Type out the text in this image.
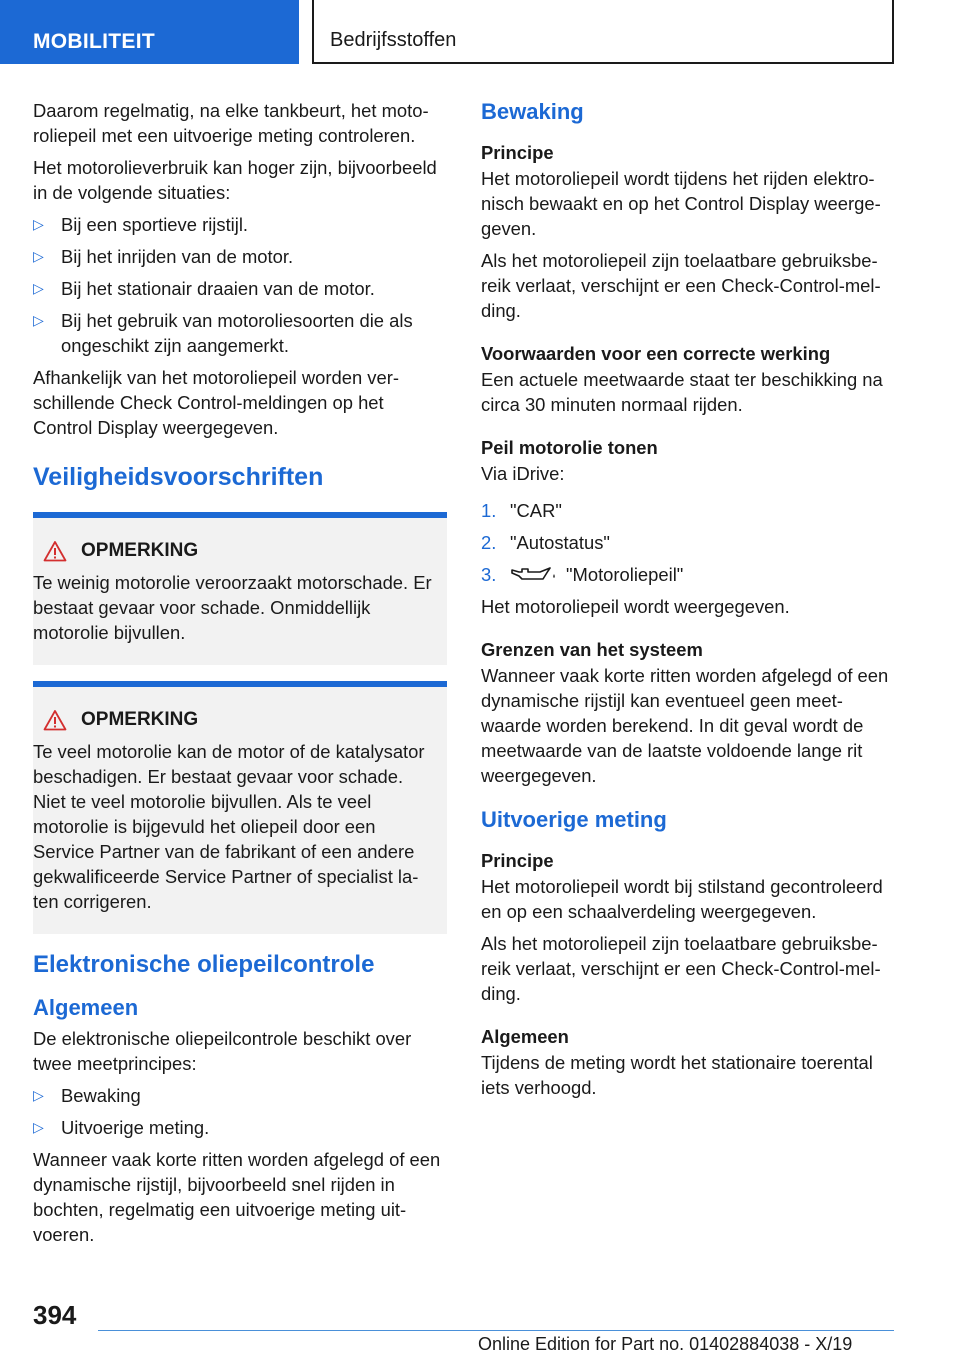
MOBILITEIT	Bedrijfsstoffen

Daarom regelmatig, na elke tankbeurt, het motoroliepeil met een uitvoerige meting controleren.

Het motorolieverbruik kan hoger zijn, bijvoorbeeld in de volgende situaties:

▷ Bij een sportieve rijstijl.
▷ Bij het inrijden van de motor.
▷ Bij het stationair draaien van de motor.
▷ Bij het gebruik van motoroliesoorten die als ongeschikt zijn aangemerkt.

Afhankelijk van het motoroliepeil worden verschillende Check Control-meldingen op het Control Display weergegeven.

Veiligheidsvoorschriften
OPMERKING

Te weinig motorolie veroorzaakt motorschade. Er bestaat gevaar voor schade. Onmiddellijk motorolie bijvullen.

OPMERKING

Te veel motorolie kan de motor of de katalysator beschadigen. Er bestaat gevaar voor schade. Niet te veel motorolie bijvullen. Als te veel motorolie is bijgevuld het oliepeil door een Service Partner van de fabrikant of een andere gekwalificeerde Service Partner of specialist laten corrigeren.

Elektronische oliepeilcontrole
Algemeen

De elektronische oliepeilcontrole beschikt over twee meetprincipes:

▷ Bewaking
▷ Uitvoerige meting.

Wanneer vaak korte ritten worden afgelegd of een dynamische rijstijl, bijvoorbeeld snel rijden in bochten, regelmatig een uitvoerige meting uitvoeren.

Bewaking
Principe

Het motoroliepeil wordt tijdens het rijden elektronisch bewaakt en op het Control Display weergegeven.

Als het motoroliepeil zijn toelaatbare gebruiksbereik verlaat, verschijnt er een Check-Control-melding.

Voorwaarden voor een correcte werking

Een actuele meetwaarde staat ter beschikking na circa 30 minuten normaal rijden.

Peil motorolie tonen

Via iDrive:

1. "CAR"
2. "Autostatus"
3.	"Motoroliepeil"

Het motoroliepeil wordt weergegeven.

Grenzen van het systeem

Wanneer vaak korte ritten worden afgelegd of een dynamische rijstijl kan eventueel geen meetwaarde worden berekend. In dit geval wordt de meetwaarde van de laatste voldoende lange rit weergegeven.

Uitvoerige meting
Principe

Het motoroliepeil wordt bij stilstand gecontroleerd en op een schaalverdeling weergegeven.

Als het motoroliepeil zijn toelaatbare gebruiksbereik verlaat, verschijnt er een Check-Control-melding.

Algemeen

Tijdens de meting wordt het stationaire toerental iets verhoogd.

394
Online Edition for Part no. 01402884038 - X/19
